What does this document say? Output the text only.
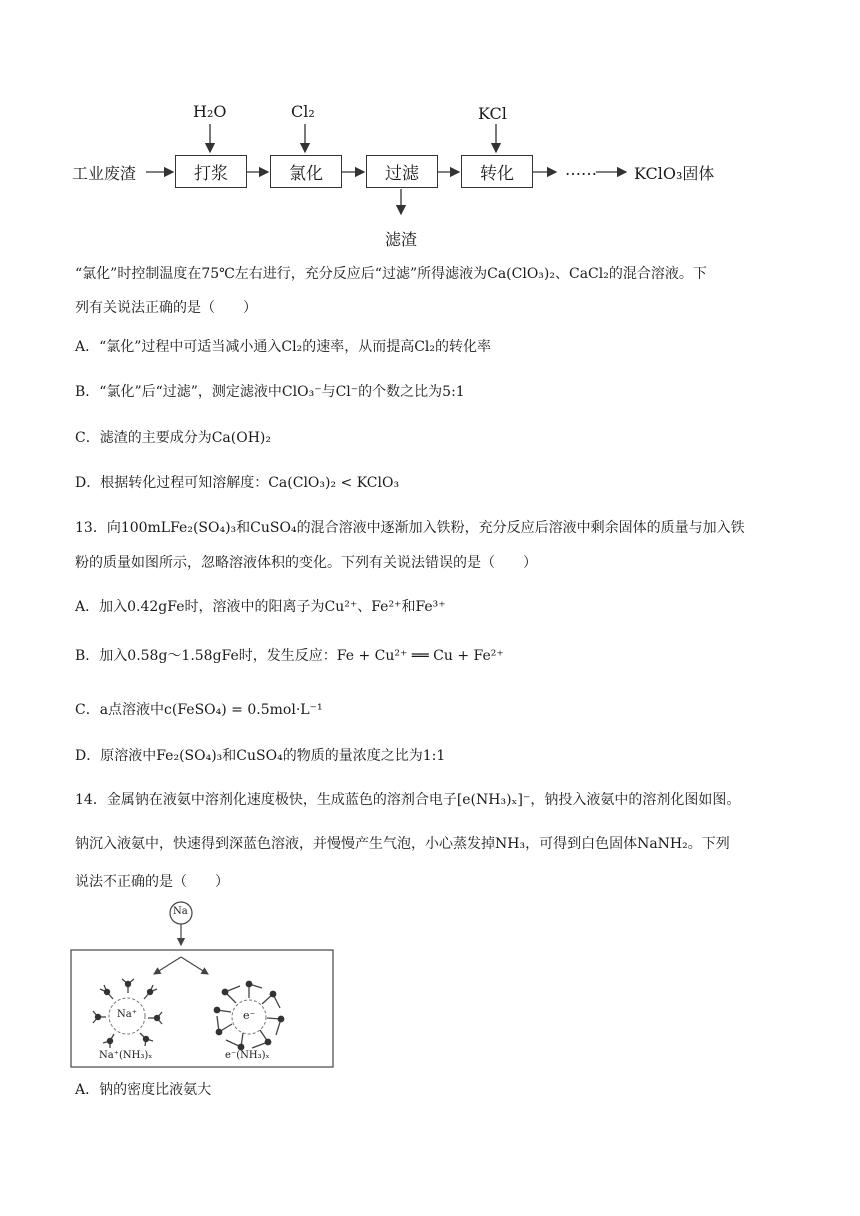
工业废渣	打浆	氯化	过滤	转化
H₂O	Cl₂	KCl
滤渣
…… KClO₃固体
“氯化”时控制温度在75℃左右进行，充分反应后“过滤”所得滤液为Ca(ClO₃)₂、CaCl₂的混合溶液。下
列有关说法正确的是（　　）
A．“氯化”过程中可适当减小通入Cl₂的速率，从而提高Cl₂的转化率
B．“氯化”后“过滤”，测定滤液中ClO₃⁻与Cl⁻的个数之比为5:1
C．滤渣的主要成分为Ca(OH)₂
D．根据转化过程可知溶解度：Ca(ClO₃)₂ < KClO₃
13．向100mLFe₂(SO₄)₃和CuSO₄的混合溶液中逐渐加入铁粉，充分反应后溶液中剩余固体的质量与加入铁
粉的质量如图所示，忽略溶液体积的变化。下列有关说法错误的是（　　）
A．加入0.42gFe时，溶液中的阳离子为Cu²⁺、Fe²⁺和Fe³⁺
B．加入0.58g～1.58gFe时，发生反应：Fe + Cu²⁺ ══ Cu + Fe²⁺
C．a点溶液中c(FeSO₄) = 0.5mol·L⁻¹
D．原溶液中Fe₂(SO₄)₃和CuSO₄的物质的量浓度之比为1:1
14．金属钠在液氨中溶剂化速度极快，生成蓝色的溶剂合电子[e(NH₃)ₓ]⁻，钠投入液氨中的溶剂化图如图。
钠沉入液氨中，快速得到深蓝色溶液，并慢慢产生气泡，小心蒸发掉NH₃，可得到白色固体NaNH₂。下列
说法不正确的是（　　）
Na
Na⁺	e⁻
Na⁺(NH₃)ₓ	e⁻(NH₃)ₓ
A．钠的密度比液氨大
